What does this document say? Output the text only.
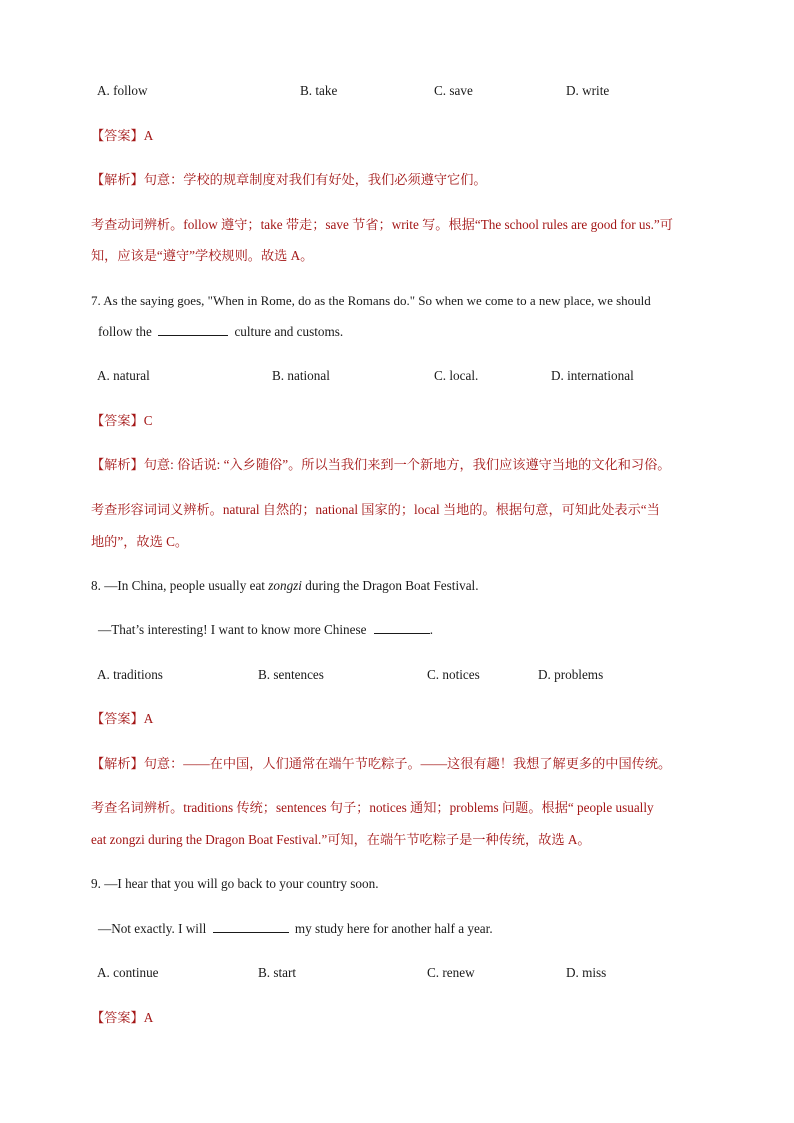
A. follow	B. take	C. save	D. write
【答案】A
【解析】句意：学校的规章制度对我们有好处，我们必须遵守它们。
考查动词辨析。follow 遵守；take 带走；save 节省；write 写。根据“The school rules are good for us.”可
知，应该是“遵守”学校规则。故选 A。
7. As the saying goes, "When in Rome, do as the Romans do." So when we come to a new place, we should
follow the	culture and customs.
A. natural	B. national	C. local.	D. international
【答案】C
【解析】句意: 俗话说: “入乡随俗”。所以当我们来到一个新地方，我们应该遵守当地的文化和习俗。
考查形容词词义辨析。natural 自然的；national 国家的；local 当地的。根据句意，可知此处表示“当
地的”，故选 C。
8. —In China, people usually eat zongzi during the Dragon Boat Festival.
—That’s interesting! I want to know more Chinese	.
A. traditions	B. sentences	C. notices	D. problems
【答案】A
【解析】句意：——在中国，人们通常在端午节吃粽子。——这很有趣！我想了解更多的中国传统。
考查名词辨析。traditions 传统；sentences 句子；notices 通知；problems 问题。根据“ people usually
eat zongzi during the Dragon Boat Festival.”可知，在端午节吃粽子是一种传统，故选 A。
9. —I hear that you will go back to your country soon.
—Not exactly. I will	my study here for another half a year.
A. continue	B. start	C. renew	D. miss
【答案】A
